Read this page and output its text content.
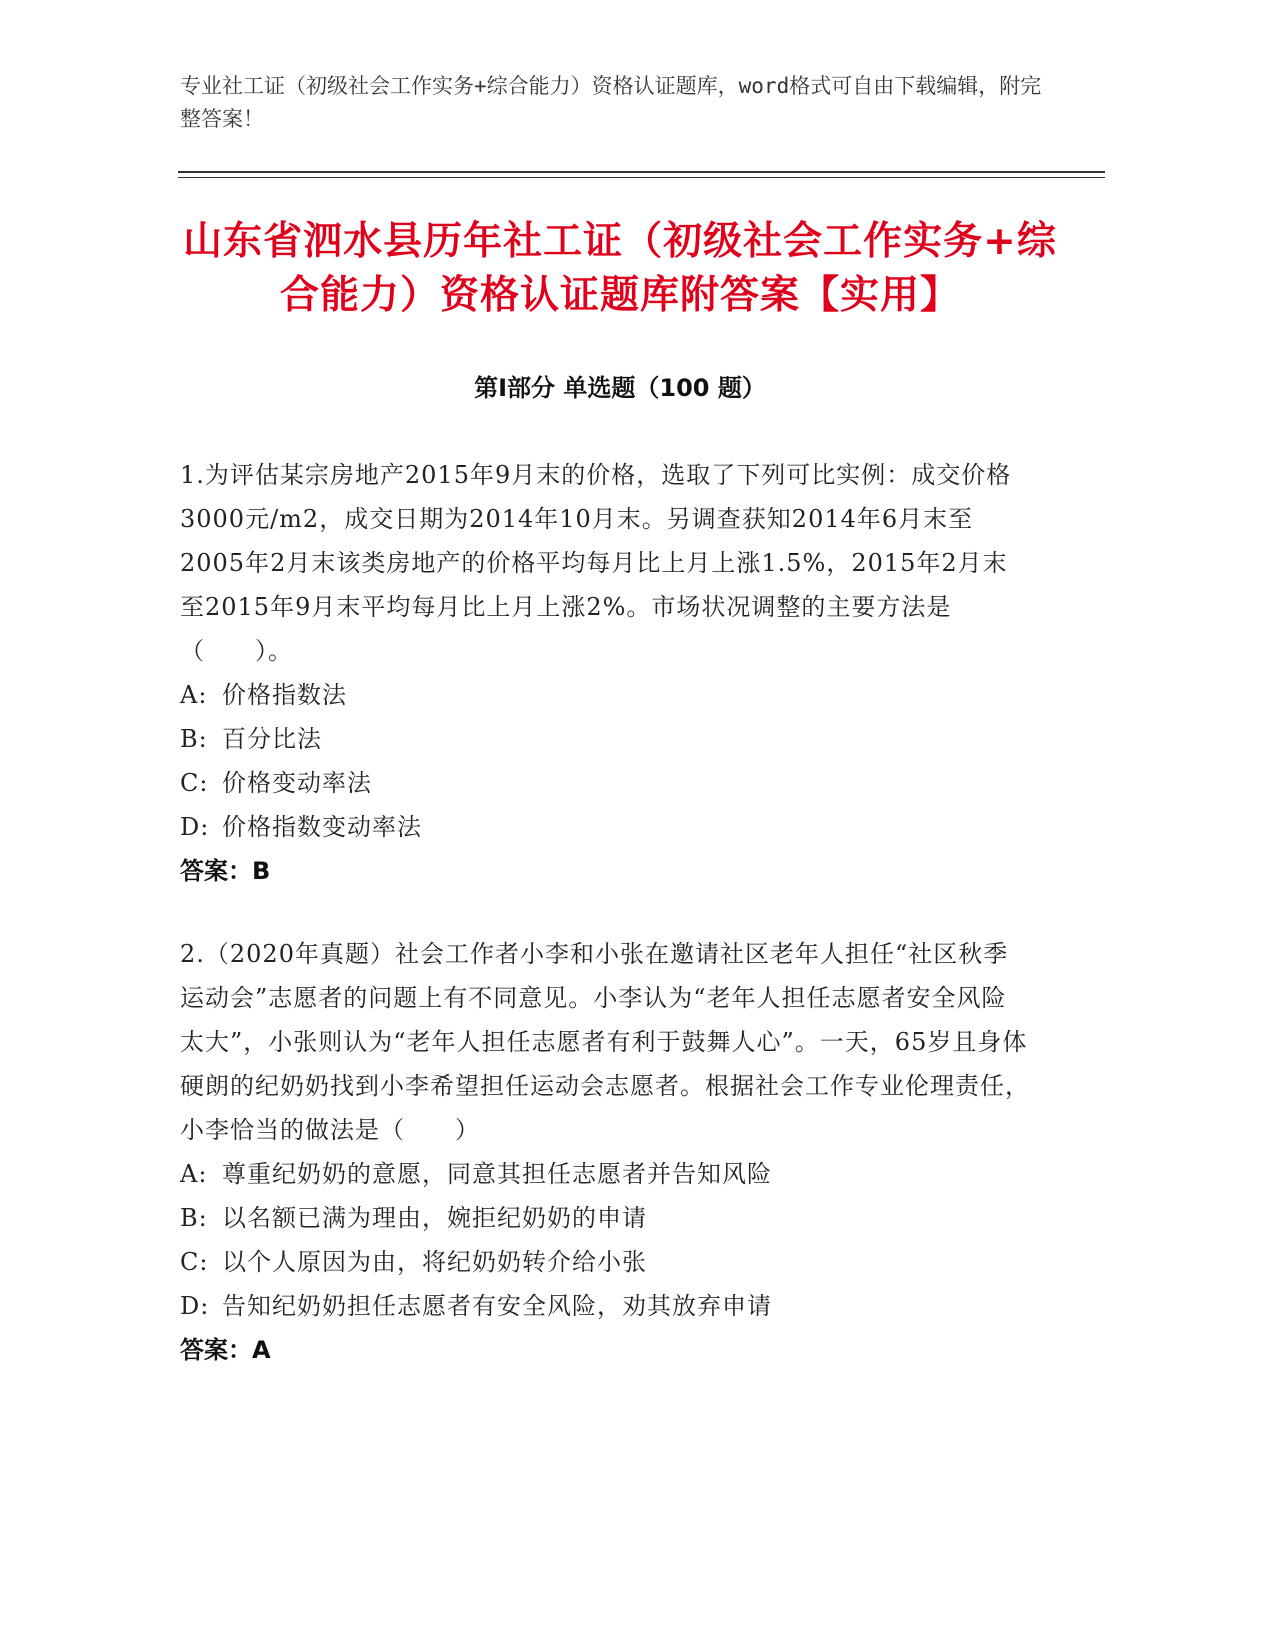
专业社工证（初级社会工作实务+综合能力）资格认证题库，word格式可自由下载编辑，附完整答案！
山东省泗水县历年社工证（初级社会工作实务+综合能力）资格认证题库附答案【实用】
第Ⅰ部分 单选题（100 题）

1.为评估某宗房地产2015年9月末的价格，选取了下列可比实例：成交价格3000元/m2，成交日期为2014年10月末。另调查获知2014年6月末至2005年2月末该类房地产的价格平均每月比上月上涨1.5%，2015年2月末至2015年9月末平均每月比上月上涨2%。市场状况调整的主要方法是（　　）。

A: 价格指数法
B: 百分比法
C: 价格变动率法
D: 价格指数变动率法
答案：B

2.（2020年真题）社会工作者小李和小张在邀请社区老年人担任“社区秋季运动会”志愿者的问题上有不同意见。小李认为“老年人担任志愿者安全风险太大”，小张则认为“老年人担任志愿者有利于鼓舞人心”。一天，65岁且身体硬朗的纪奶奶找到小李希望担任运动会志愿者。根据社会工作专业伦理责任，小李恰当的做法是（　　）

A: 尊重纪奶奶的意愿，同意其担任志愿者并告知风险
B: 以名额已满为理由，婉拒纪奶奶的申请
C: 以个人原因为由，将纪奶奶转介给小张
D: 告知纪奶奶担任志愿者有安全风险，劝其放弃申请
答案：A
